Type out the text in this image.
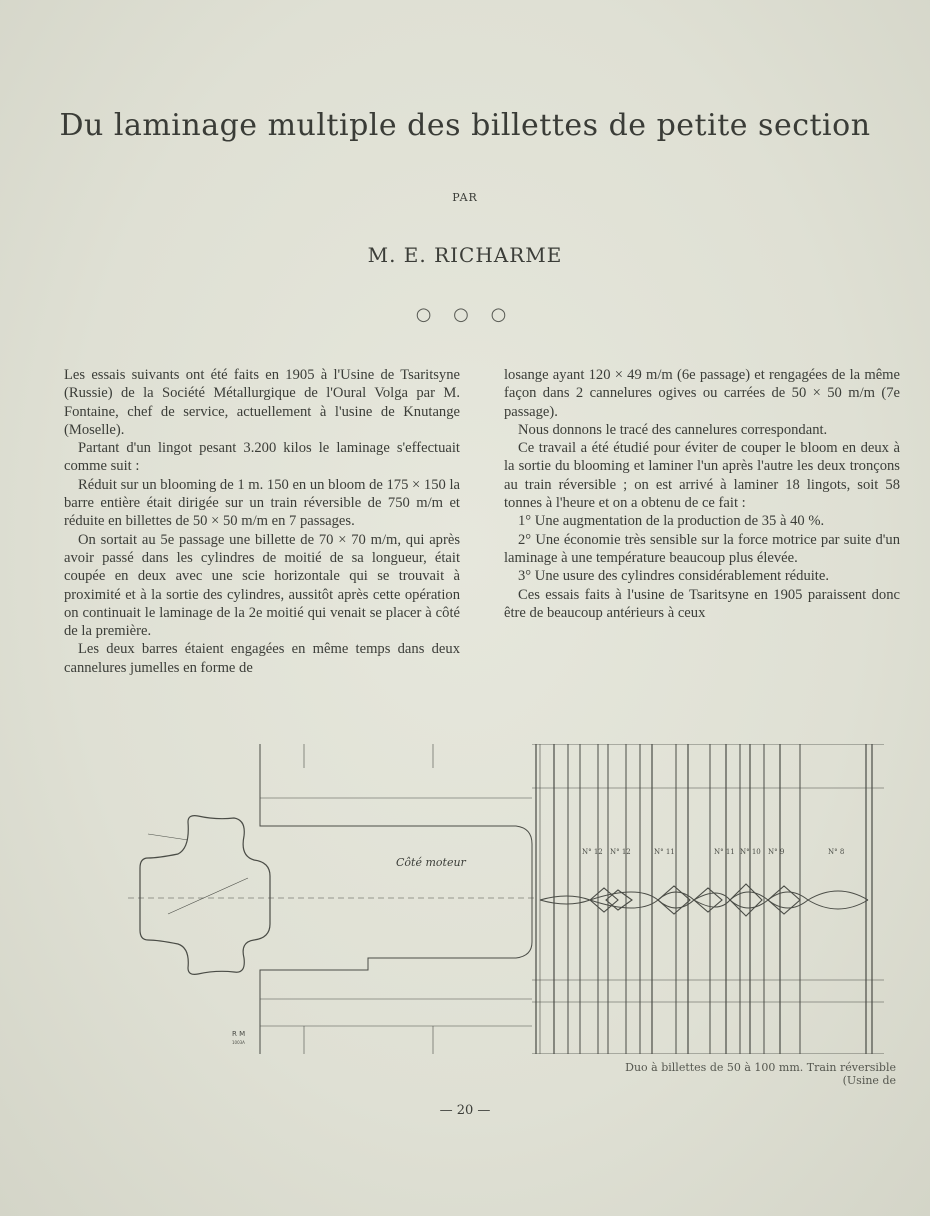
Du laminage multiple des billettes de petite section
PAR
M. E. RICHARME
○ ○ ○

Les essais suivants ont été faits en 1905 à l'Usine de Tsaritsyne (Russie) de la Société Métallurgique de l'Oural Volga par M. Fontaine, chef de service, actuellement à l'usine de Knutange (Moselle).

Partant d'un lingot pesant 3.200 kilos le laminage s'effectuait comme suit :

Réduit sur un blooming de 1 m. 150 en un bloom de 175 × 150 la barre entière était dirigée sur un train réversible de 750 m/m et réduite en billettes de 50 × 50 m/m en 7 passages.

On sortait au 5e passage une billette de 70 × 70 m/m, qui après avoir passé dans les cylindres de moitié de sa longueur, était coupée en deux avec une scie horizontale qui se trouvait à proximité et à la sortie des cylindres, aussitôt après cette opération on continuait le laminage de la 2e moitié qui venait se placer à côté de la première.

Les deux barres étaient engagées en même temps dans deux cannelures jumelles en forme de

losange ayant 120 × 49 m/m (6e passage) et rengagées de la même façon dans 2 cannelures ogives ou carrées de 50 × 50 m/m (7e passage).

Nous donnons le tracé des cannelures correspondant.

Ce travail a été étudié pour éviter de couper le bloom en deux à la sortie du blooming et laminer l'un après l'autre les deux tronçons au train réversible ; on est arrivé à laminer 18 lingots, soit 58 tonnes à l'heure et on a obtenu de ce fait :

1° Une augmentation de la production de 35 à 40 %.

2° Une économie très sensible sur la force motrice par suite d'un laminage à une température beaucoup plus élevée.

3° Une usure des cylindres considérablement réduite.

Ces essais faits à l'usine de Tsaritsyne en 1905 paraissent donc être de beaucoup antérieurs à ceux

Côté moteur
N° 12 N° 12	N° 11	N° 11 N° 10 N° 9	N° 8
R M
1003A
Duo à billettes de 50 à 100 mm. Train réversible
(Usine de
— 20 —
